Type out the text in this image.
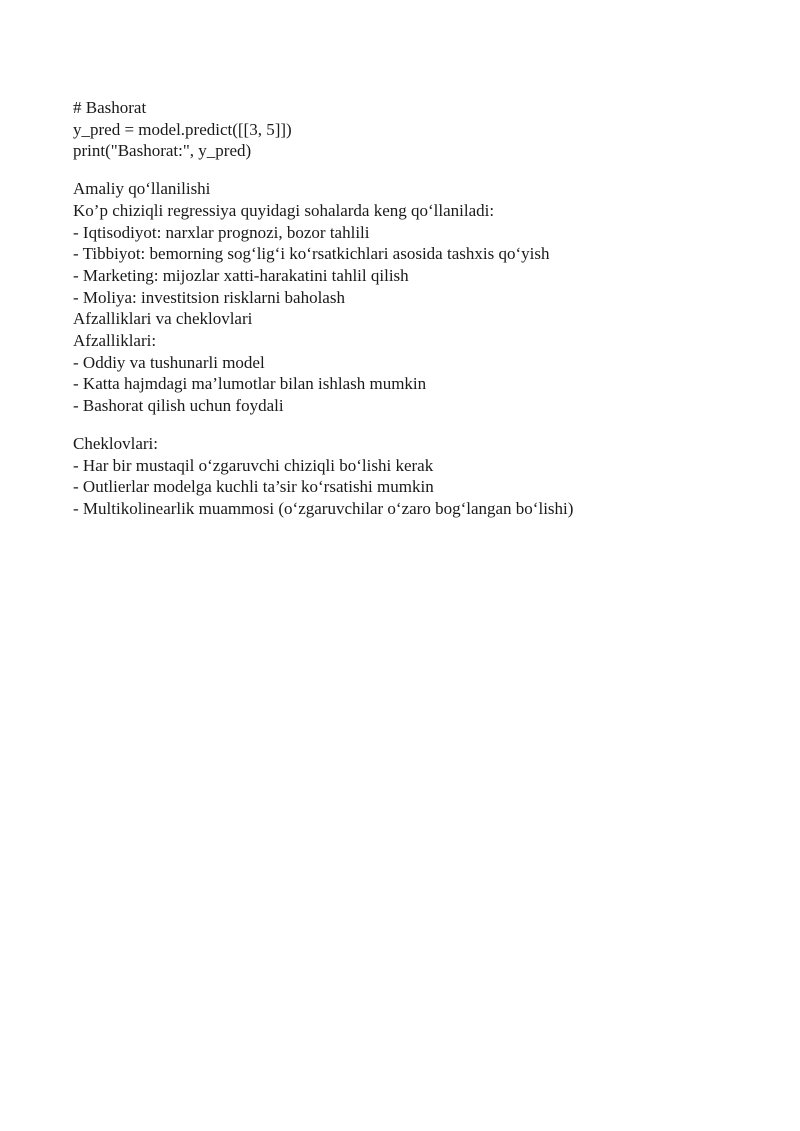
# Bashorat
y_pred = model.predict([[3, 5]])
print("Bashorat:", y_pred)
Amaliy qo‘llanilishi
Ko’p chiziqli regressiya quyidagi sohalarda keng qo‘llaniladi:
- Iqtisodiyot: narxlar prognozi, bozor tahlili
- Tibbiyot: bemorning sog‘lig‘i ko‘rsatkichlari asosida tashxis qo‘yish
- Marketing: mijozlar xatti-harakatini tahlil qilish
- Moliya: investitsion risklarni baholash
Afzalliklari va cheklovlari
Afzalliklari:
- Oddiy va tushunarli model
- Katta hajmdagi ma’lumotlar bilan ishlash mumkin
- Bashorat qilish uchun foydali
Cheklovlari:
- Har bir mustaqil o‘zgaruvchi chiziqli bo‘lishi kerak
- Outlierlar modelga kuchli ta’sir ko‘rsatishi mumkin
- Multikolinearlik muammosi (o‘zgaruvchilar o‘zaro bog‘langan bo‘lishi)
